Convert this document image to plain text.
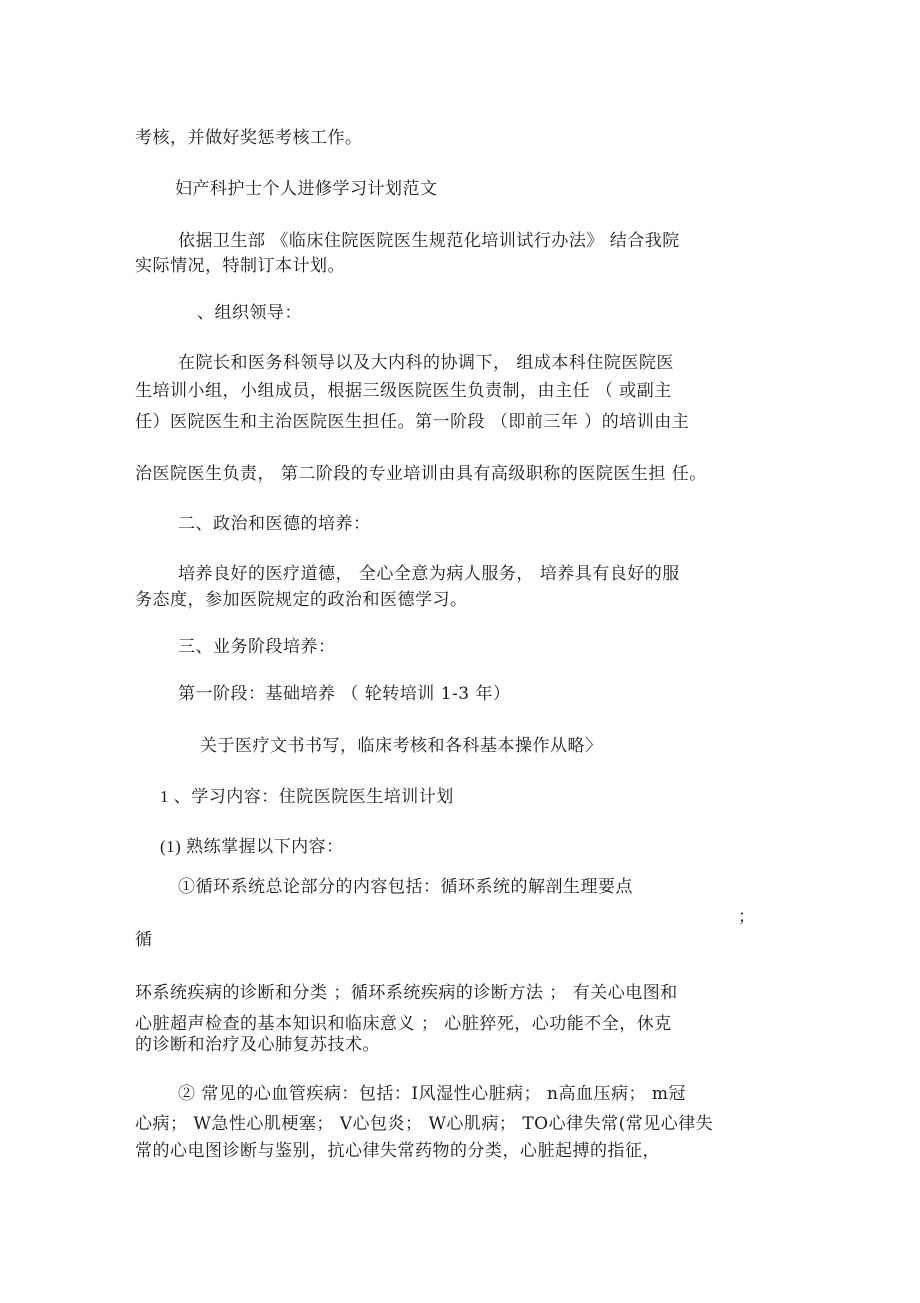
考核，并做好奖惩考核工作。
妇产科护士个人进修学习计划范文
依据卫生部 《临床住院医院医生规范化培训试行办法》 结合我院
实际情况，特制订本计划。
、组织领导：
在院长和医务科领导以及大内科的协调下， 组成本科住院医院医
生培训小组，小组成员，根据三级医院医生负责制，由主任 （ 或副主
任）医院医生和主治医院医生担任。第一阶段 （即前三年 ）的培训由主
治医院医生负责， 第二阶段的专业培训由具有高级职称的医院医生担 任。
二、政治和医德的培养：
培养良好的医疗道德， 全心全意为病人服务， 培养具有良好的服
务态度，参加医院规定的政治和医德学习。
三、业务阶段培养：
第一阶段：基础培养 （ 轮转培训 1-3 年）
关于医疗文书书写，临床考核和各科基本操作从略〉
1 、学习内容：住院医院医生培训计划
(1) 熟练掌握以下内容：
①循环系统总论部分的内容包括：循环系统的解剖生理要点
；
循
环系统疾病的诊断和分类 ；循环系统疾病的诊断方法 ； 有关心电图和
心脏超声检查的基本知识和临床意义 ； 心脏猝死，心功能不全，休克
的诊断和治疗及心肺复苏技术。
② 常见的心血管疾病：包括：I风湿性心脏病； n高血压病； m冠
心病； W急性心肌梗塞； V心包炎； W心肌病； TO心律失常(常见心律失
常的心电图诊断与鉴别，抗心律失常药物的分类，心脏起搏的指征，
